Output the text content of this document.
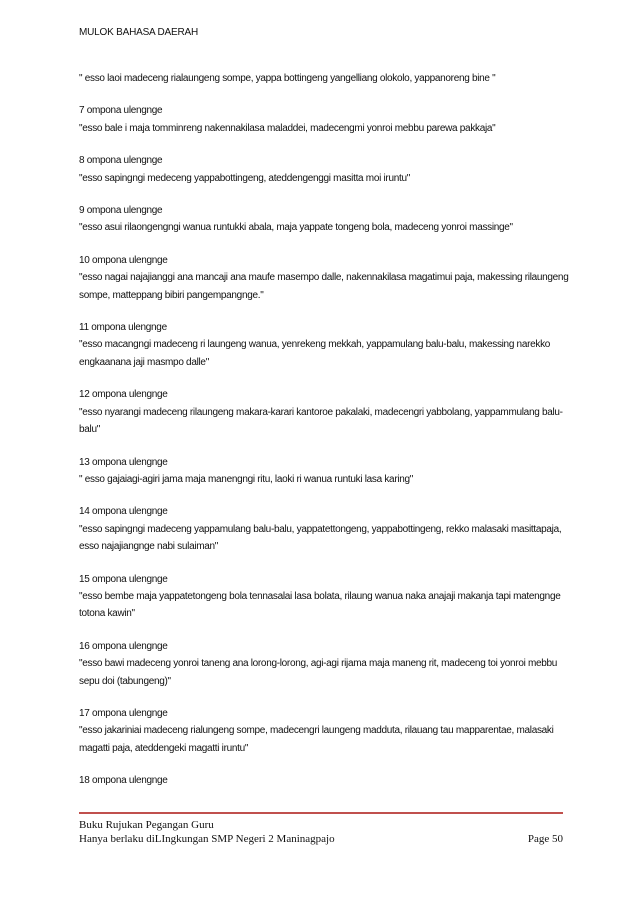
MULOK BAHASA DAERAH
" esso laoi madeceng rialaungeng sompe, yappa bottingeng yangelliang olokolo, yappanoreng bine "
7 ompona ulengnge
"esso bale i maja tomminreng nakennakilasa maladdei, madecengmi yonroi mebbu parewa pakkaja"
8 ompona ulengnge
"esso sapingngi medeceng yappabottingeng, ateddengenggi masitta moi iruntu"
9 ompona ulengnge
"esso asui rilaongengngi wanua runtukki abala, maja yappate tongeng bola, madeceng yonroi massinge"
10 ompona ulengnge
"esso nagai najajianggi ana mancaji ana maufe masempo dalle, nakennakilasa magatimui paja, makessing rilaungeng sompe, matteppang bibiri pangempangnge."
11 ompona ulengnge
"esso macangngi madeceng ri laungeng wanua, yenrekeng mekkah, yappamulang balu-balu, makessing narekko engkaanana jaji masmpo dalle"
12 ompona ulengnge
"esso nyarangi madeceng rilaungeng makara-karari kantoroe pakalaki, madecengri yabbolang, yappammulang balu-balu"
13 ompona ulengnge
" esso gajaiagi-agiri jama maja manengngi ritu, laoki ri wanua runtuki lasa karing"
14 ompona ulengnge
"esso sapingngi madeceng yappamulang balu-balu, yappatettongeng, yappabottingeng, rekko malasaki masittapaja, esso najajiangnge nabi sulaiman"
15 ompona ulengnge
"esso bembe maja yappatetongeng bola tennasalai lasa bolata, rilaung wanua naka anajaji makanja tapi matengnge totona kawin"
16 ompona ulengnge
"esso bawi madeceng yonroi taneng ana lorong-lorong, agi-agi rijama maja maneng rit, madeceng toi yonroi mebbu sepu doi (tabungeng)"
17 ompona ulengnge
"esso jakariniai madeceng rialungeng sompe, madecengri laungeng madduta, rilauang tau mapparentae, malasaki magatti paja, ateddengeki magatti iruntu"
18 ompona ulengnge
Buku Rujukan Pegangan Guru
Hanya berlaku diLIngkungan SMP Negeri 2 Maninagpajo	Page 50
